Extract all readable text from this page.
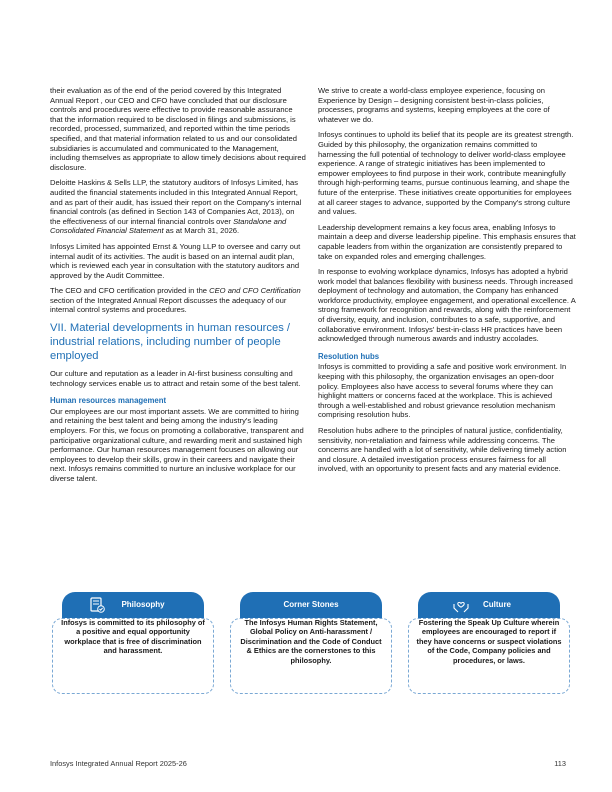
their evaluation as of the end of the period covered by this Integrated Annual Report , our CEO and CFO have concluded that our disclosure controls and procedures were effective to provide reasonable assurance that the information required to be disclosed in filings and submissions, is recorded, processed, summarized, and reported within the time periods specified, and that material information related to us and our consolidated subsidiaries is accumulated and communicated to the Management, including themselves as appropriate to allow timely decisions about required disclosure.

Deloitte Haskins & Sells LLP, the statutory auditors of Infosys Limited, has audited the financial statements included in this Integrated Annual Report, and as part of their audit, has issued their report on the Company's internal financial controls (as defined in Section 143 of Companies Act, 2013), on the effectiveness of our internal financial controls over Standalone and Consolidated Financial Statement as at March 31, 2026.

Infosys Limited has appointed Ernst & Young LLP to oversee and carry out internal audit of its activities. The audit is based on an internal audit plan, which is reviewed each year in consultation with the statutory auditors and approved by the Audit Committee.

The CEO and CFO certification provided in the CEO and CFO Certification section of the Integrated Annual Report discusses the adequacy of our internal control systems and procedures.

VII. Material developments in human resources / industrial relations, including number of people employed

Our culture and reputation as a leader in AI-first business consulting and technology services enable us to attract and retain some of the best talent.

Human resources management

Our employees are our most important assets. We are committed to hiring and retaining the best talent and being among the industry's leading employers. For this, we focus on promoting a collaborative, transparent and participative organizational culture, and rewarding merit and sustained high performance. Our human resources management focuses on allowing our employees to develop their skills, grow in their careers and navigate their next. Infosys remains committed to nurture an inclusive workplace for our diverse talent.

We strive to create a world-class employee experience, focusing on Experience by Design – designing consistent best-in-class policies, processes, programs and systems, keeping employees at the core of whatever we do.

Infosys continues to uphold its belief that its people are its greatest strength. Guided by this philosophy, the organization remains committed to harnessing the full potential of technology to deliver world-class employee experience. A range of strategic initiatives has been implemented to empower employees to find purpose in their work, contribute meaningfully through high-performing teams, pursue continuous learning, and shape the future of the enterprise. These initiatives create opportunities for employees at all career stages to advance, supported by the Company's strong culture and values.

Leadership development remains a key focus area, enabling Infosys to maintain a deep and diverse leadership pipeline. This emphasis ensures that capable leaders from within the organization are consistently prepared to take on expanded roles and emerging challenges.

In response to evolving workplace dynamics, Infosys has adopted a hybrid work model that balances flexibility with business needs. Through increased deployment of technology and automation, the Company has enhanced workforce productivity, employee engagement, and operational excellence. A strong framework for recognition and rewards, along with the reinforcement of diversity, equity, and inclusion, contributes to a safe, supportive, and collaborative environment. Infosys' best-in-class HR practices have been acknowledged through numerous awards and industry accolades.

Resolution hubs

Infosys is committed to providing a safe and positive work environment. In keeping with this philosophy, the organization envisages an open-door policy. Employees also have access to several forums where they can highlight matters or concerns faced at the workplace. This is achieved through a well-established and robust grievance resolution mechanism comprising resolution hubs.

Resolution hubs adhere to the principles of natural justice, confidentiality, sensitivity, non-retaliation and fairness while addressing concerns. The concerns are handled with a lot of sensitivity, while delivering timely action and closure. A detailed investigation process ensures fairness for all involved, with an opportunity to present facts and any material evidence.

Philosophy
Infosys is committed to its philosophy of a positive and equal opportunity workplace that is free of discrimination and harassment.
Corner Stones
The Infosys Human Rights Statement, Global Policy on Anti-harassment / Discrimination and the Code of Conduct & Ethics are the cornerstones to this philosophy.
Culture
Fostering the Speak Up Culture wherein employees are encouraged to report if they have concerns or suspect violations of the Code, Company policies and procedures, or laws.
Infosys Integrated Annual Report 2025-26	113
